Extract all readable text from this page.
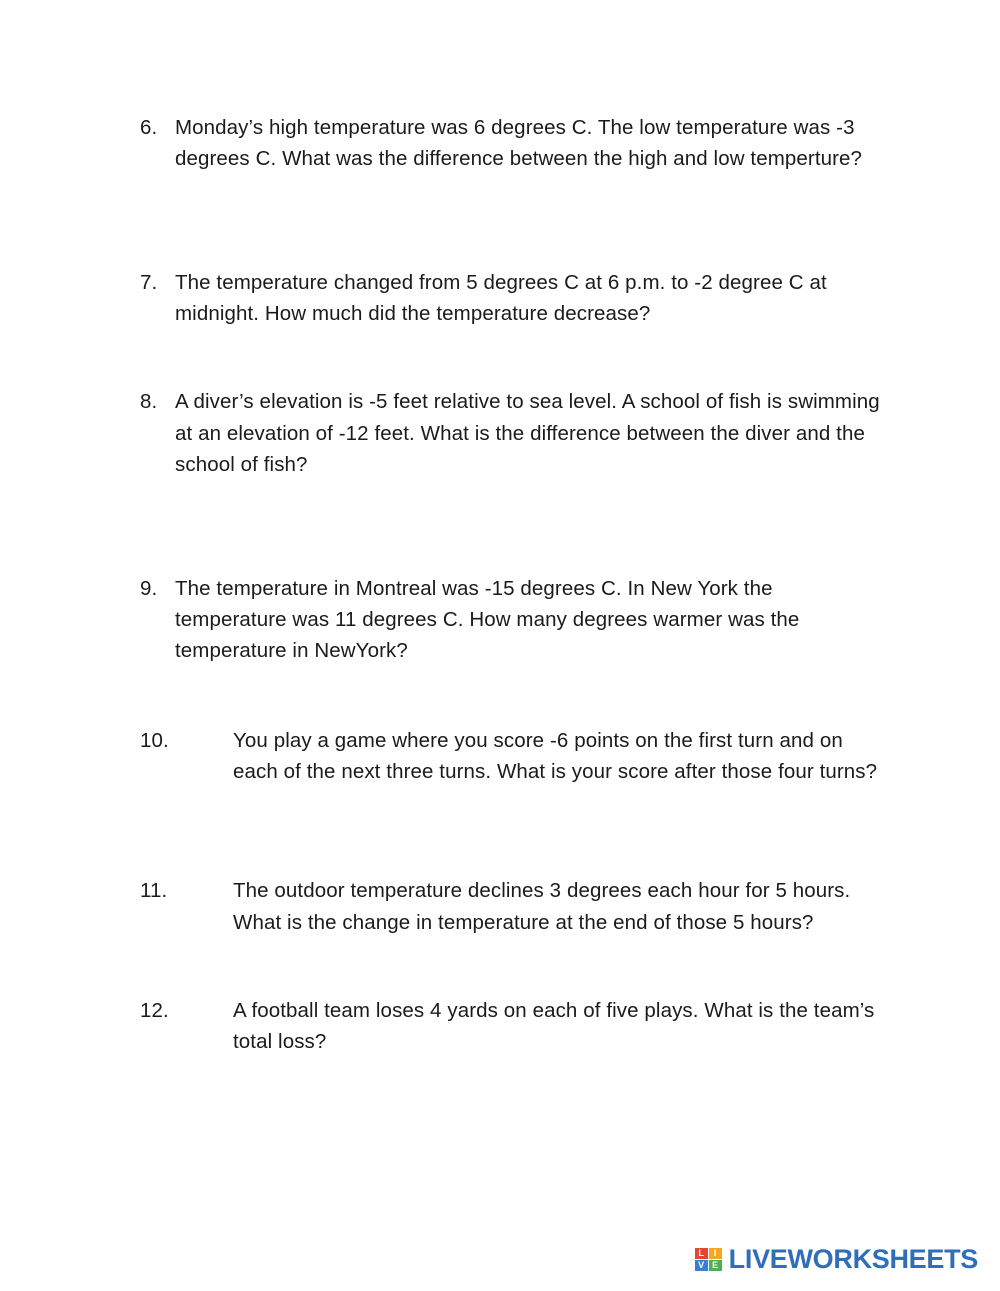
6. Monday’s high temperature was 6 degrees C. The low temperature was -3 degrees C. What was the difference between the high and low temperture?
7. The temperature changed from 5 degrees C at 6 p.m. to -2 degree C at midnight. How much did the temperature decrease?
8. A diver’s elevation is -5 feet relative to sea level. A school of fish is swimming at an elevation of -12 feet. What is the difference between the diver and the school of fish?
9. The temperature in Montreal was -15 degrees C. In New York the temperature was 11 degrees C. How many degrees warmer was the temperature in NewYork?
10.	You play a game where you score -6 points on the first turn and on each of the next three turns. What is your score after those four turns?
11.	The outdoor temperature declines 3 degrees each hour for 5 hours. What is the change in temperature at the end of those 5 hours?
12.	A football team loses 4 yards on each of five plays. What is the team’s total loss?
L	I
V E LIVEWORKSHEETS
